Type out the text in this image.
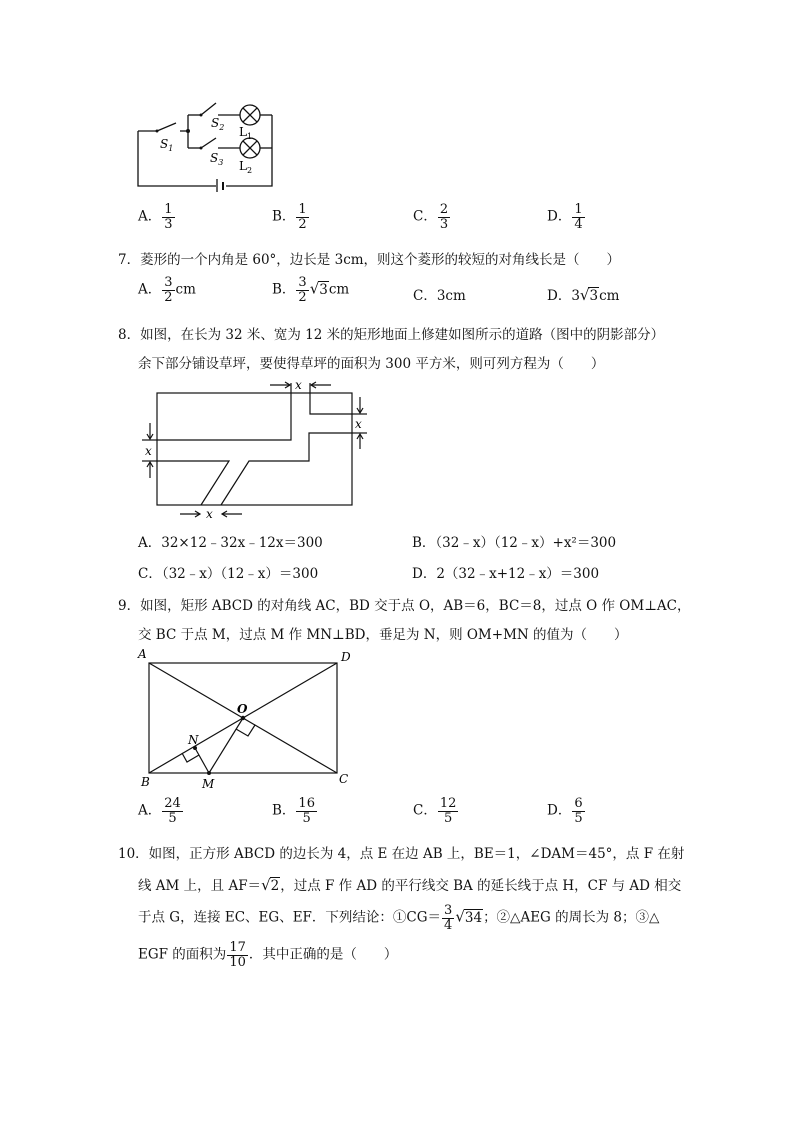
$S_1$
$S_2$
$S_3$
$L_1$
$L_2$
A． $\frac{1}{3}$	B． $\frac{1}{2}$	C． $\frac{2}{3}$	D． $\frac{1}{4}$
7．菱形的一个内角是 60°，边长是 3cm，则这个菱形的较短的对角线长是（　　）
A． $\frac{3}{2}$ cm	B． $\frac{3}{2} √3cm$	C．3cm	D．3√3cm
8．如图，在长为 32 米、宽为 12 米的矩形地面上修建如图所示的道路（图中的阴影部分）
余下部分铺设草坪，要使得草坪的面积为 300 平方米，则可列方程为（　　）
x
x
x
x
A．32×12﹣32x﹣12x＝300	B．（32﹣x）（12﹣x）+x²＝300
C．（32﹣x）（12﹣x）＝300	D．2（32﹣x+12﹣x）＝300
9．如图，矩形 ABCD 的对角线 AC，BD 交于点 O，AB＝6，BC＝8，过点 O 作 OM⊥AC，
交 BC 于点 M，过点 M 作 MN⊥BD，垂足为 N，则 OM+MN 的值为（　　）
A	D
B	C
O
N
M
A． $\frac{24}{5}$	B． $\frac{16}{5}$	C． $\frac{12}{5}$	D． $\frac{6}{5}$
10．如图，正方形 ABCD 的边长为 4，点 E 在边 AB 上，BE＝1，∠DAM＝45°，点 F 在射
线 AM 上，且 AF＝√2，过点 F 作 AD 的平行线交 BA 的延长线于点 H，CF 与 AD 相交
于点 G，连接 EC、EG、EF．下列结论：①CG＝ $\frac{3}{4} √34$；②△AEG 的周长为 8；③△
EGF 的面积为 $\frac{17}{10}$ ．其中正确的是（　　）
